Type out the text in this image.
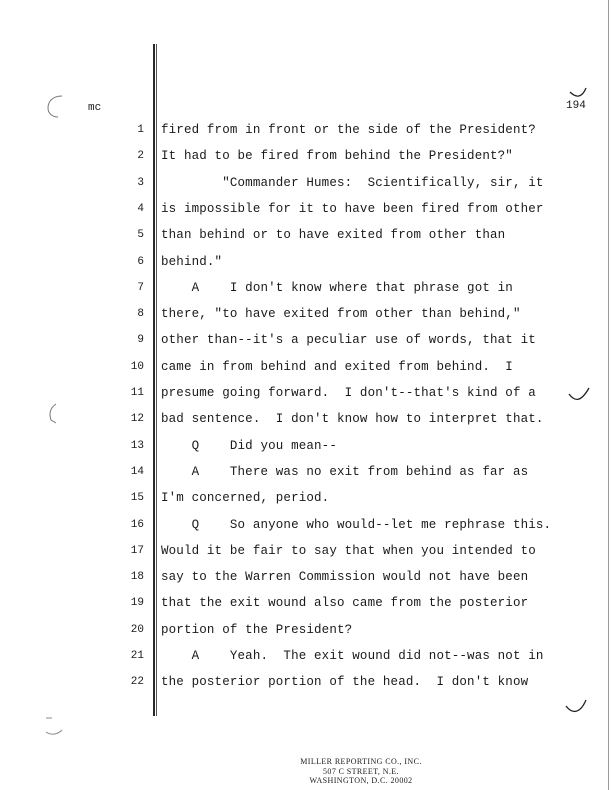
mc	194
1 fired from in front or the side of the President?
2 It had to be fired from behind the President?"
3 "Commander Humes:  Scientifically, sir, it
4 is impossible for it to have been fired from other
5 than behind or to have exited from other than
6 behind."
7 A    I don't know where that phrase got in
8 there, "to have exited from other than behind,"
9 other than--it's a peculiar use of words, that it
10 came in from behind and exited from behind.  I
11 presume going forward.  I don't--that's kind of a
12 bad sentence.  I don't know how to interpret that.
13 Q    Did you mean--
14 A    There was no exit from behind as far as
15 I'm concerned, period.
16 Q    So anyone who would--let me rephrase this.
17 Would it be fair to say that when you intended to
18 say to the Warren Commission would not have been
19 that the exit wound also came from the posterior
20 portion of the President?
21 A    Yeah.  The exit wound did not--was not in
22 the posterior portion of the head.  I don't know
MILLER REPORTING CO., INC.
507 C STREET, N.E.
WASHINGTON, D.C. 20002
